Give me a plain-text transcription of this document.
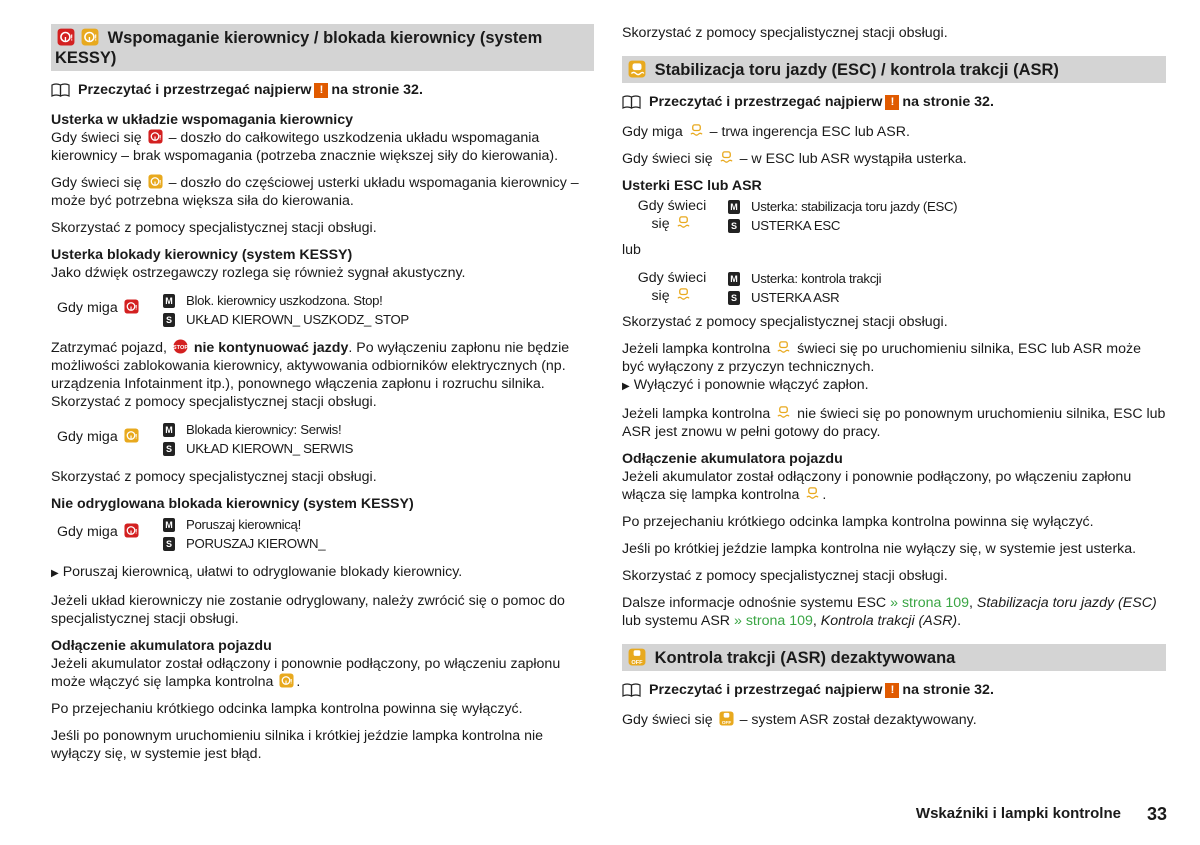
Wspomaganie kierownicy / blokada kierownicy (system KESSY)
Przeczytać i przestrzegać najpierw ! na stronie 32.

Usterka w układzie wspomagania kierownicy

Gdy świeci się – doszło do całkowitego uszkodzenia układu wspomagania kierownicy – brak wspomagania (potrzeba znacznie większej siły do kierowania).

Gdy świeci się – doszło do częściowej usterki układu wspomagania kierownicy – może być potrzebna większa siła do kierowania.

Skorzystać z pomocy specjalistycznej stacji obsługi.

Usterka blokady kierownicy (system KESSY)

Jako dźwięk ostrzegawczy rozlega się również sygnał akustyczny.

Gdy miga	M Blok. kierownicy uszkodzona. Stop!
S UKŁAD KIEROWN_ USZKODZ_ STOP

Zatrzymać pojazd, nie kontynuować jazdy. Po wyłączeniu zapłonu nie będzie możliwości zablokowania kierownicy, aktywowania odbiorników elektrycznych (np. urządzenia Infotainment itp.), ponownego włączenia zapłonu i rozruchu silnika. Skorzystać z pomocy specjalistycznej stacji obsługi.

Gdy miga	M Blokada kierownicy: Serwis!
S UKŁAD KIEROWN_ SERWIS

Skorzystać z pomocy specjalistycznej stacji obsługi.

Nie odryglowana blokada kierownicy (system KESSY)

Gdy miga	M Poruszaj kierownicą!
S PORUSZAJ KIEROWN_

▶ Poruszaj kierownicą, ułatwi to odryglowanie blokady kierownicy.

Jeżeli układ kierowniczy nie zostanie odryglowany, należy zwrócić się o pomoc do specjalistycznej stacji obsługi.

Odłączenie akumulatora pojazdu

Jeżeli akumulator został odłączony i ponownie podłączony, po włączeniu zapłonu może włączyć się lampka kontrolna .

Po przejechaniu krótkiego odcinka lampka kontrolna powinna się wyłączyć.

Jeśli po ponownym uruchomieniu silnika i krótkiej jeździe lampka kontrolna nie wyłączy się, w systemie jest błąd.

Skorzystać z pomocy specjalistycznej stacji obsługi.

Stabilizacja toru jazdy (ESC) / kontrola trakcji (ASR)
Przeczytać i przestrzegać najpierw ! na stronie 32.

Gdy miga – trwa ingerencja ESC lub ASR.

Gdy świeci się – w ESC lub ASR wystąpiła usterka.

Usterki ESC lub ASR

Gdy świeci
się
M Usterka: stabilizacja toru jazdy (ESC)
S USTERKA ESC

lub

Gdy świeci
się
M Usterka: kontrola trakcji
S USTERKA ASR

Skorzystać z pomocy specjalistycznej stacji obsługi.

Jeżeli lampka kontrolna świeci się po uruchomieniu silnika, ESC lub ASR może być wyłączony z przyczyn technicznych.

▶ Wyłączyć i ponownie włączyć zapłon.

Jeżeli lampka kontrolna nie świeci się po ponownym uruchomieniu silnika, ESC lub ASR jest znowu w pełni gotowy do pracy.

Odłączenie akumulatora pojazdu

Jeżeli akumulator został odłączony i ponownie podłączony, po włączeniu zapłonu włącza się lampka kontrolna .

Po przejechaniu krótkiego odcinka lampka kontrolna powinna się wyłączyć.

Jeśli po krótkiej jeździe lampka kontrolna nie wyłączy się, w systemie jest usterka.

Skorzystać z pomocy specjalistycznej stacji obsługi.

Dalsze informacje odnośnie systemu ESC » strona 109, Stabilizacja toru jazdy (ESC) lub systemu ASR » strona 109, Kontrola trakcji (ASR).

Kontrola trakcji (ASR) dezaktywowana
Przeczytać i przestrzegać najpierw ! na stronie 32.

Gdy świeci się – system ASR został dezaktywowany.

Wskaźniki i lampki kontrolne 33
